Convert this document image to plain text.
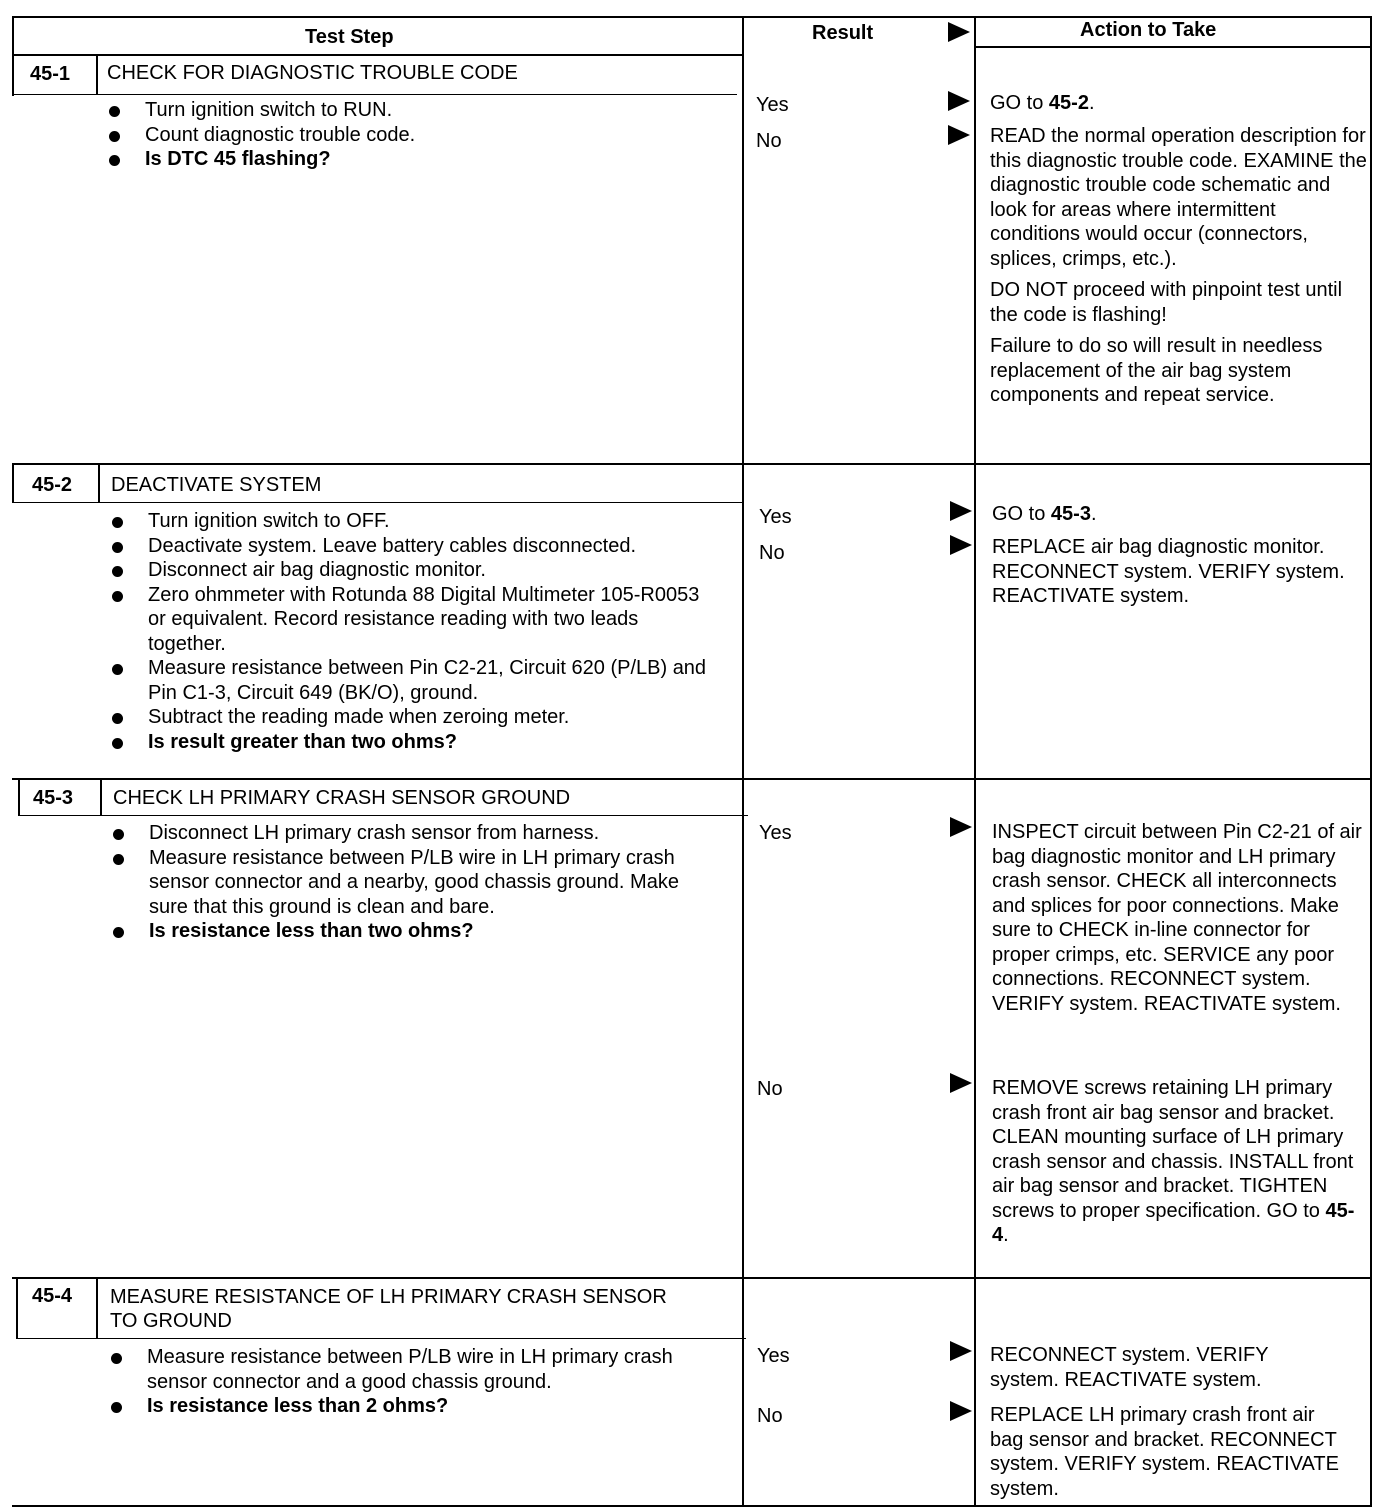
Test Step	Result	Action to Take
45-1 CHECK FOR DIAGNOSTIC TROUBLE CODE
Turn ignition switch to RUN.
Count diagnostic trouble code.
Is DTC 45 flashing?
Yes	GO to 45-2.

No	READ the normal operation description for this diagnostic trouble code. EXAMINE the diagnostic trouble code schematic and look for areas where intermittent conditions would occur (connectors, splices, crimps, etc.).

DO NOT proceed with pinpoint test until the code is flashing!

Failure to do so will result in needless replacement of the air bag system components and repeat service.

45-2 DEACTIVATE SYSTEM
Turn ignition switch to OFF.
Deactivate system. Leave battery cables disconnected.
Disconnect air bag diagnostic monitor.
Zero ohmmeter with Rotunda 88 Digital Multimeter 105-R0053 or equivalent. Record resistance reading with two leads together.
Measure resistance between Pin C2-21, Circuit 620 (P/LB) and Pin C1-3, Circuit 649 (BK/O), ground.
Subtract the reading made when zeroing meter.
Is result greater than two ohms?
Yes	GO to 45-3.

No	REPLACE air bag diagnostic monitor. RECONNECT system. VERIFY system. REACTIVATE system.

45-3 CHECK LH PRIMARY CRASH SENSOR GROUND
Disconnect LH primary crash sensor from harness.
Measure resistance between P/LB wire in LH primary crash sensor connector and a nearby, good chassis ground. Make sure that this ground is clean and bare.
Is resistance less than two ohms?
Yes	INSPECT circuit between Pin C2-21 of air bag diagnostic monitor and LH primary crash sensor. CHECK all interconnects and splices for poor connections. Make sure to CHECK in-line connector for proper crimps, etc. SERVICE any poor connections. RECONNECT system. VERIFY system. REACTIVATE system.

No	REMOVE screws retaining LH primary crash front air bag sensor and bracket. CLEAN mounting surface of LH primary crash sensor and chassis. INSTALL front air bag sensor and bracket. TIGHTEN screws to proper specification. GO to 45-4.

45-4 MEASURE RESISTANCE OF LH PRIMARY CRASH SENSOR TO GROUND
Measure resistance between P/LB wire in LH primary crash sensor connector and a good chassis ground.
Is resistance less than 2 ohms?
Yes	RECONNECT system. VERIFY system. REACTIVATE system.

No	REPLACE LH primary crash front air bag sensor and bracket. RECONNECT system. VERIFY system. REACTIVATE system.
